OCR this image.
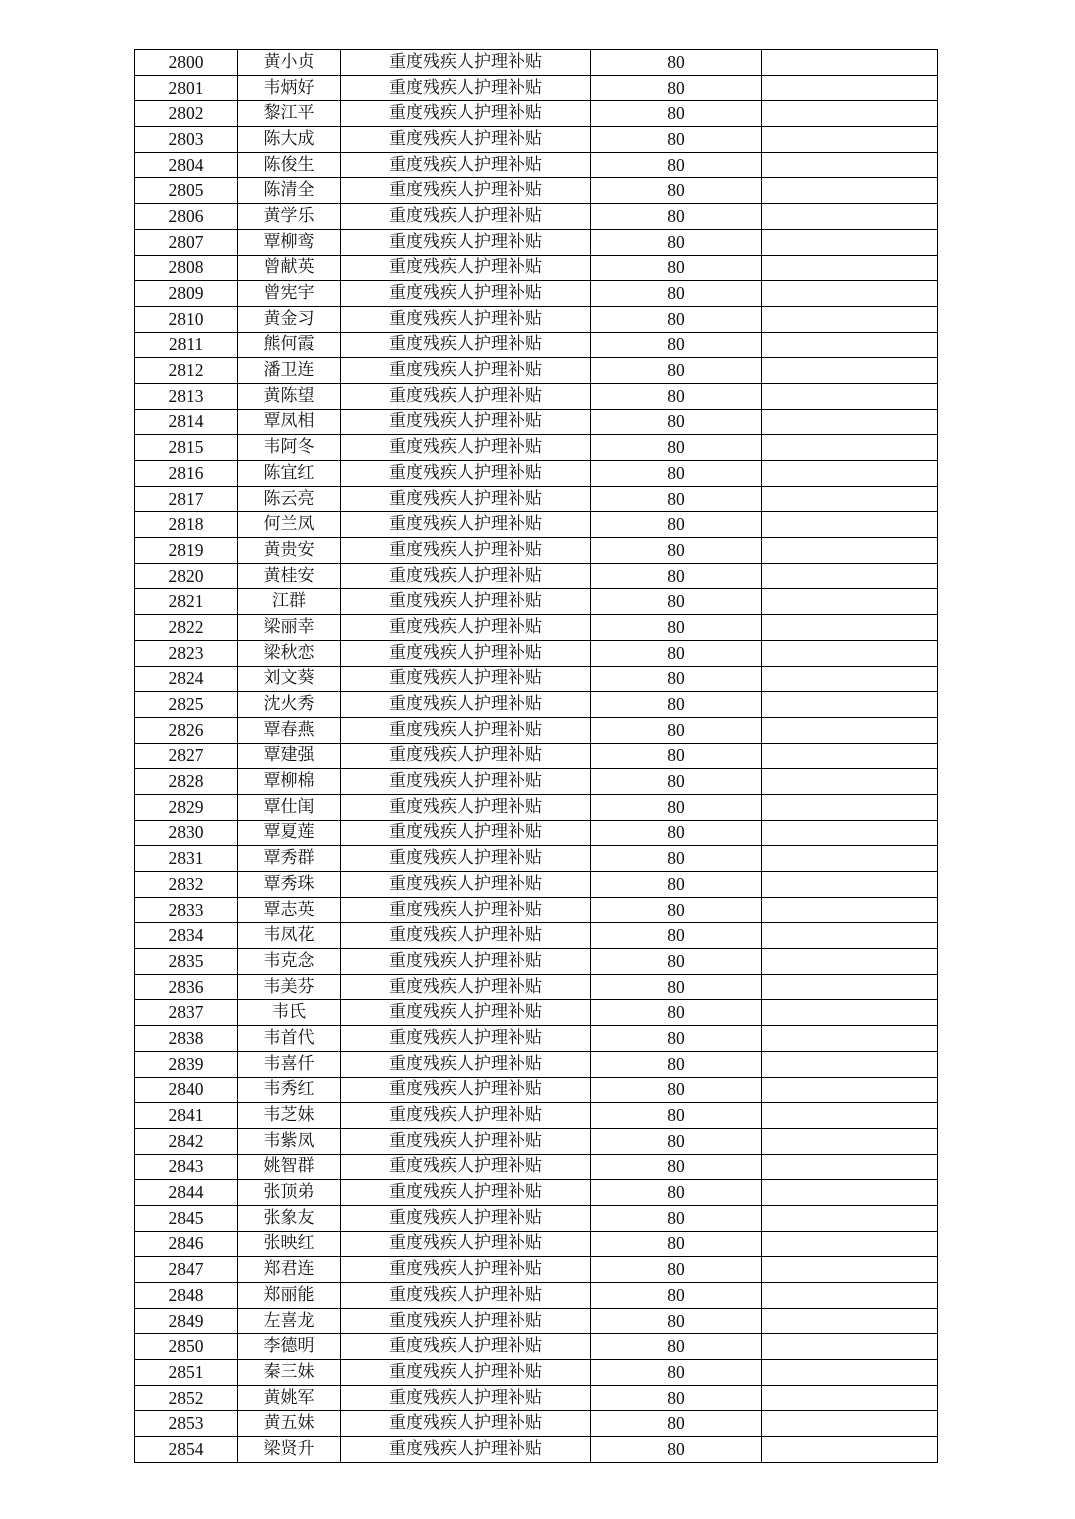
2800	黄小贞	重度残疾人护理补贴	80	
2801	韦炳好	重度残疾人护理补贴	80	
2802	黎江平	重度残疾人护理补贴	80	
2803	陈大成	重度残疾人护理补贴	80	
2804	陈俊生	重度残疾人护理补贴	80	
2805	陈清全	重度残疾人护理补贴	80	
2806	黄学乐	重度残疾人护理补贴	80	
2807	覃柳鸾	重度残疾人护理补贴	80	
2808	曾献英	重度残疾人护理补贴	80	
2809	曾宪宇	重度残疾人护理补贴	80	
2810	黄金习	重度残疾人护理补贴	80	
2811	熊何霞	重度残疾人护理补贴	80	
2812	潘卫连	重度残疾人护理补贴	80	
2813	黄陈望	重度残疾人护理补贴	80	
2814	覃凤相	重度残疾人护理补贴	80	
2815	韦阿冬	重度残疾人护理补贴	80	
2816	陈宜红	重度残疾人护理补贴	80	
2817	陈云亮	重度残疾人护理补贴	80	
2818	何兰凤	重度残疾人护理补贴	80	
2819	黄贵安	重度残疾人护理补贴	80	
2820	黄桂安	重度残疾人护理补贴	80	
2821	江群	重度残疾人护理补贴	80	
2822	梁丽幸	重度残疾人护理补贴	80	
2823	梁秋恋	重度残疾人护理补贴	80	
2824	刘文葵	重度残疾人护理补贴	80	
2825	沈火秀	重度残疾人护理补贴	80	
2826	覃春燕	重度残疾人护理补贴	80	
2827	覃建强	重度残疾人护理补贴	80	
2828	覃柳棉	重度残疾人护理补贴	80	
2829	覃仕闺	重度残疾人护理补贴	80	
2830	覃夏莲	重度残疾人护理补贴	80	
2831	覃秀群	重度残疾人护理补贴	80	
2832	覃秀珠	重度残疾人护理补贴	80	
2833	覃志英	重度残疾人护理补贴	80	
2834	韦凤花	重度残疾人护理补贴	80	
2835	韦克念	重度残疾人护理补贴	80	
2836	韦美芬	重度残疾人护理补贴	80	
2837	韦氏	重度残疾人护理补贴	80	
2838	韦首代	重度残疾人护理补贴	80	
2839	韦喜仟	重度残疾人护理补贴	80	
2840	韦秀红	重度残疾人护理补贴	80	
2841	韦芝妹	重度残疾人护理补贴	80	
2842	韦紫凤	重度残疾人护理补贴	80	
2843	姚智群	重度残疾人护理补贴	80	
2844	张顶弟	重度残疾人护理补贴	80	
2845	张象友	重度残疾人护理补贴	80	
2846	张映红	重度残疾人护理补贴	80	
2847	郑君连	重度残疾人护理补贴	80	
2848	郑丽能	重度残疾人护理补贴	80	
2849	左喜龙	重度残疾人护理补贴	80	
2850	李德明	重度残疾人护理补贴	80	
2851	秦三妹	重度残疾人护理补贴	80	
2852	黄姚军	重度残疾人护理补贴	80	
2853	黄五妹	重度残疾人护理补贴	80	
2854	梁贤升	重度残疾人护理补贴	80	
